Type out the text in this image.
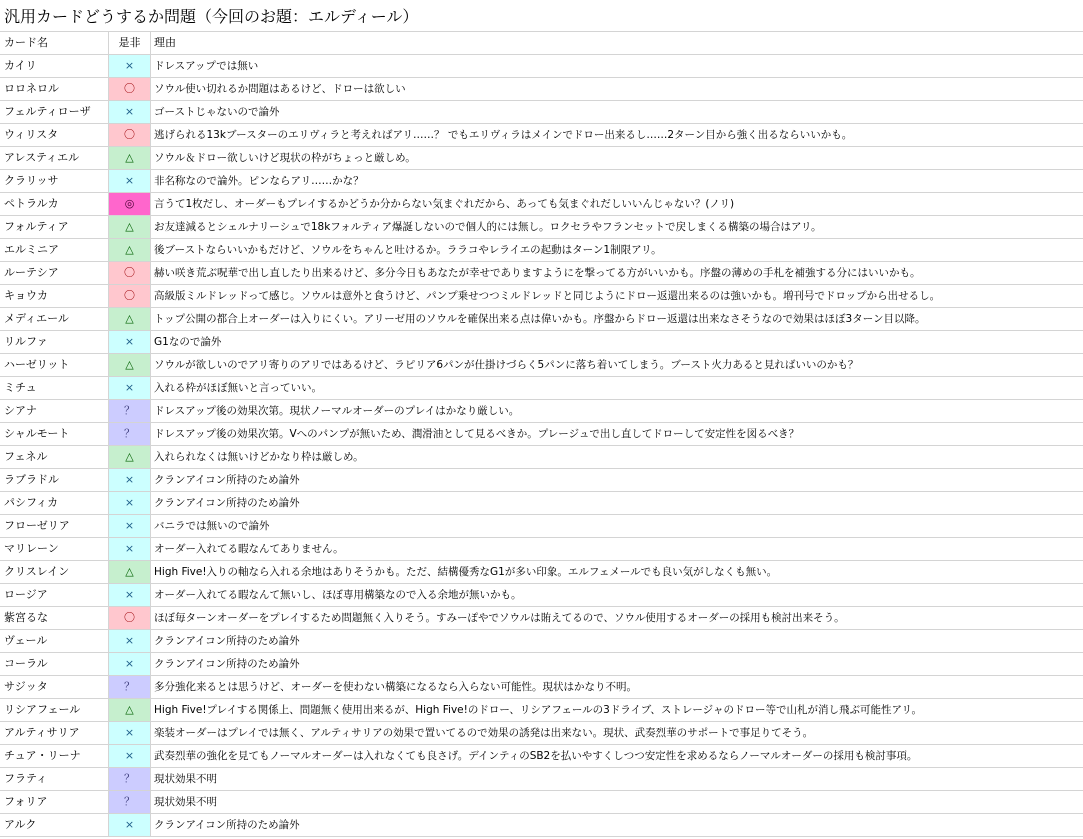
汎用カードどうするか問題（今回のお題：エルディール）
カード名	是非	理由
カイリ	×	ドレスアップでは無い
ロロネロル	〇	ソウル使い切れるか問題はあるけど、ドローは欲しい
フェルティローザ	×	ゴーストじゃないので論外
ウィリスタ	〇	逃げられる13kブースターのエリヴィラと考えればアリ……？ でもエリヴィラはメインでドロー出来るし……2ターン目から強く出るならいいかも。
アレスティエル	△	ソウル＆ドロー欲しいけど現状の枠がちょっと厳しめ。
クラリッサ	×	非名称なので論外。ピンならアリ……かな？
ペトラルカ	◎	言うて1枚だし、オーダーもプレイするかどうか分からない気まぐれだから、あっても気まぐれだしいいんじゃない？(ノリ)
フォルティア	△	お友達減るとシェルナリーシュで18kフォルティア爆誕しないので個人的には無し。ロクセラやフランセットで戻しまくる構築の場合はアリ。
エルミニア	△	後ブーストならいいかもだけど、ソウルをちゃんと吐けるか。ララコやレライエの起動はターン1制限アリ。
ルーテシア	〇	赫い咲き荒ぶ呪華で出し直したり出来るけど、多分今日もあなたが幸せでありますようにを撃ってる方がいいかも。序盤の薄めの手札を補強する分にはいいかも。
キョウカ	〇	高級版ミルドレッドって感じ。ソウルは意外と食うけど、パンプ乗せつつミルドレッドと同じようにドロー返還出来るのは強いかも。増刊号でドロップから出せるし。
メディエール	△	トップ公開の都合上オーダーは入りにくい。アリーゼ用のソウルを確保出来る点は偉いかも。序盤からドロー返還は出来なさそうなので効果はほぼ3ターン目以降。
リルファ	×	G1なので論外
ハーゼリット	△	ソウルが欲しいのでアリ寄りのアリではあるけど、ラピリア6パンが仕掛けづらく5パンに落ち着いてしまう。ブースト火力あると見ればいいのかも？
ミチュ	×	入れる枠がほぼ無いと言っていい。
シアナ	？	ドレスアップ後の効果次第。現状ノーマルオーダーのプレイはかなり厳しい。
シャルモート	？	ドレスアップ後の効果次第。Vへのパンプが無いため、潤滑油として見るべきか。プレージュで出し直してドローして安定性を図るべき？
フェネル	△	入れられなくは無いけどかなり枠は厳しめ。
ラブラドル	×	クランアイコン所持のため論外
パシフィカ	×	クランアイコン所持のため論外
フローゼリア	×	バニラでは無いので論外
マリレーン	×	オーダー入れてる暇なんてありません。
クリスレイン	△	High Five!入りの軸なら入れる余地はありそうかも。ただ、結構優秀なG1が多い印象。エルフェメールでも良い気がしなくも無い。
ロージア	×	オーダー入れてる暇なんて無いし、ほぼ専用構築なので入る余地が無いかも。
紫宮るな	〇	ほぼ毎ターンオーダーをプレイするため問題無く入りそう。すみーぽやでソウルは賄えてるので、ソウル使用するオーダーの採用も検討出来そう。
ヴェール	×	クランアイコン所持のため論外
コーラル	×	クランアイコン所持のため論外
サジッタ	？	多分強化来るとは思うけど、オーダーを使わない構築になるなら入らない可能性。現状はかなり不明。
リシアフェール	△	High Five!プレイする関係上、問題無く使用出来るが、High Five!のドロー、リシアフェールの3ドライブ、ストレージャのドロー等で山札が消し飛ぶ可能性アリ。
アルティサリア	×	楽装オーダーはプレイでは無く、アルティサリアの効果で置いてるので効果の誘発は出来ない。現状、武奏烈華のサポートで事足りてそう。
チュア・リーナ	×	武奏烈華の強化を見てもノーマルオーダーは入れなくても良さげ。デインティのSB2を払いやすくしつつ安定性を求めるならノーマルオーダーの採用も検討事項。
フラティ	？	現状効果不明
フォリア	？	現状効果不明
アルク	×	クランアイコン所持のため論外
